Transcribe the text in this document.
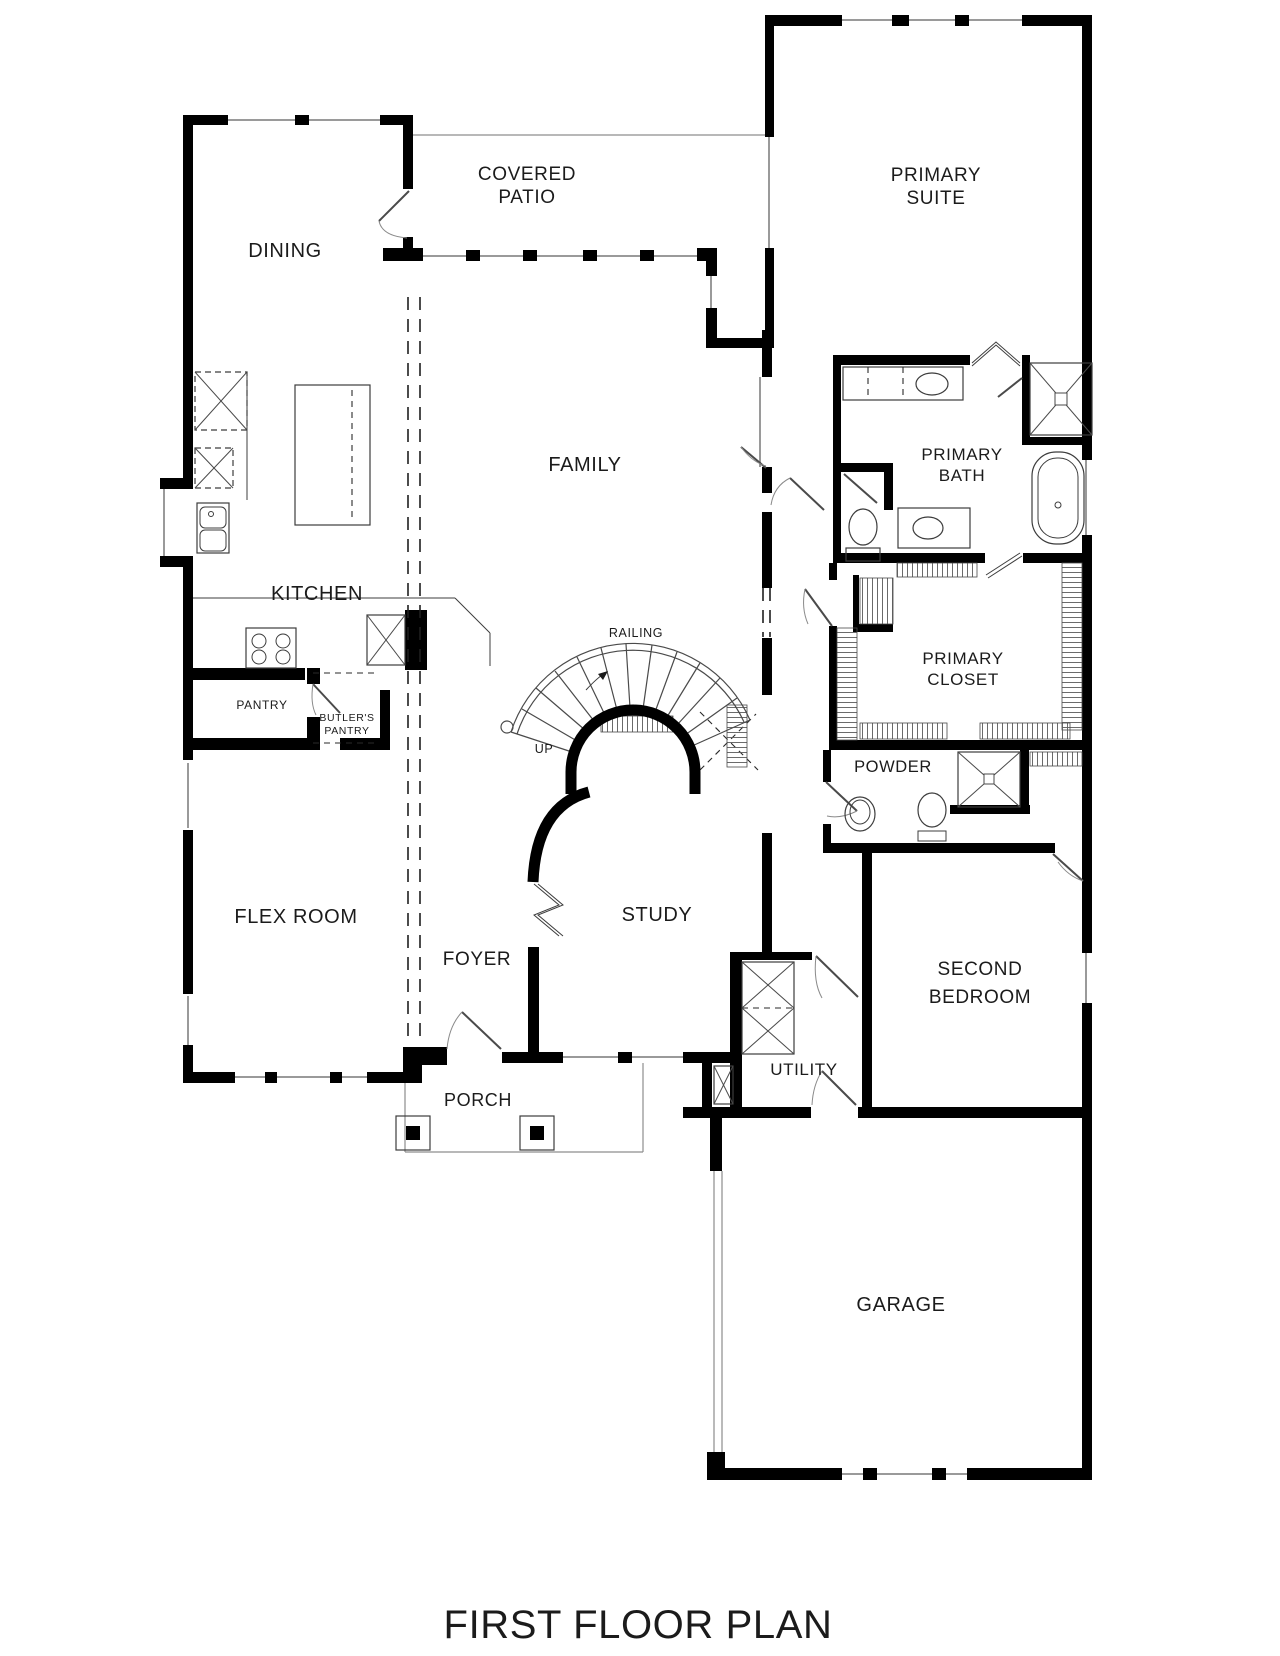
COVERED PATIO
DINING
PRIMARY SUITE
FAMILY
KITCHEN
PRIMARY BATH
RAILING
UP
PRIMARY CLOSET
PANTRY
BUTLER'S PANTRY
POWDER
FLEX ROOM
FOYER
STUDY
SECOND BEDROOM
UTILITY
PORCH
GARAGE
FIRST FLOOR PLAN
